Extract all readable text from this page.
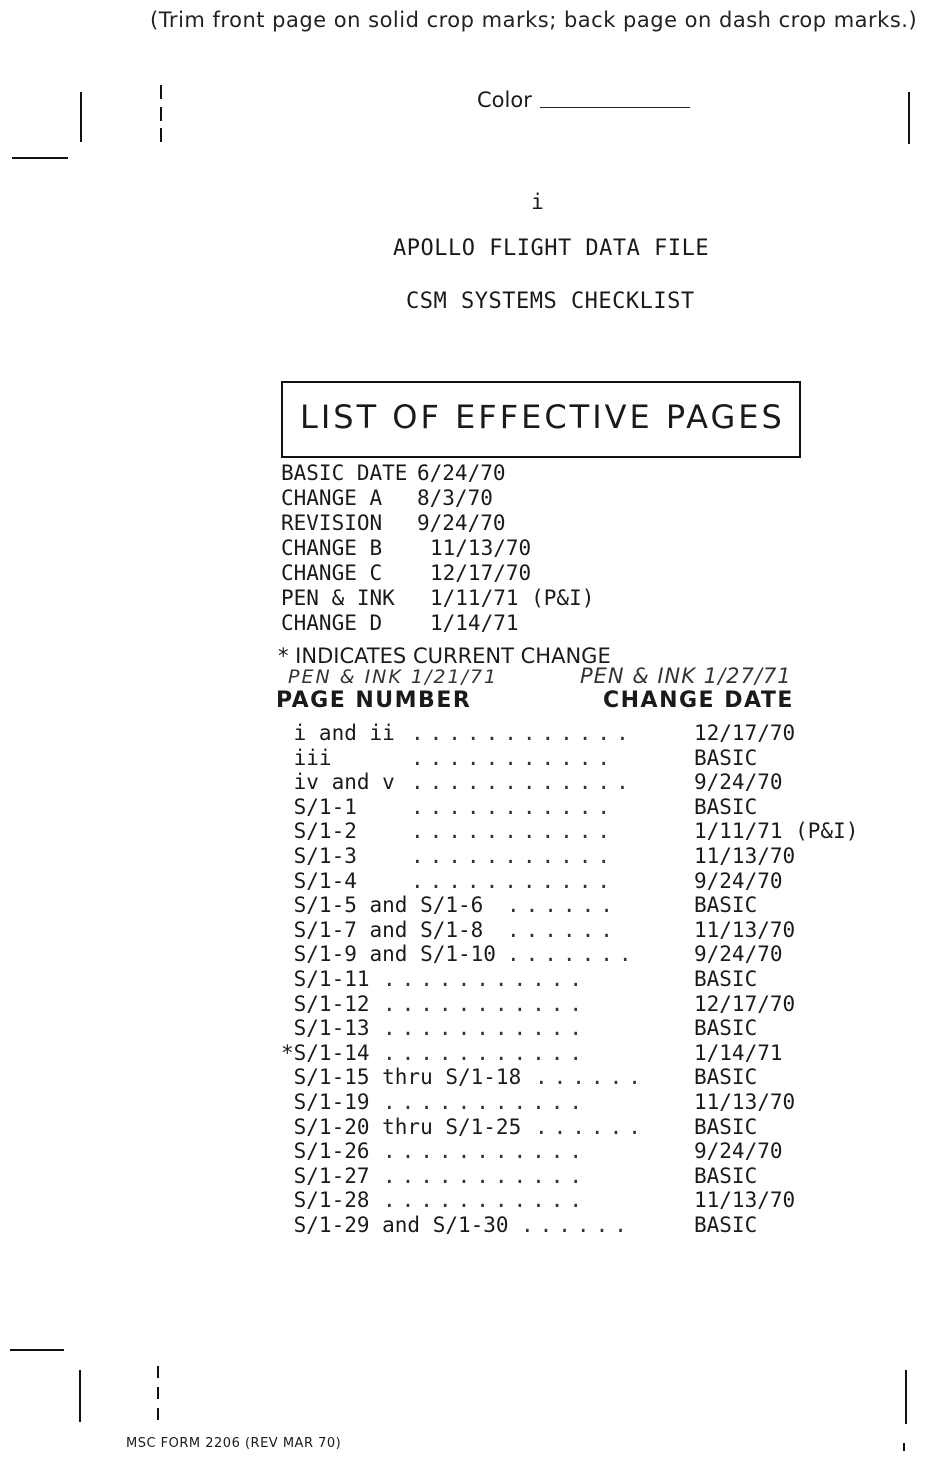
(Trim front page on solid crop marks; back page on dash crop marks.)
Color
i
APOLLO FLIGHT DATA FILE
CSM SYSTEMS CHECKLIST
LIST OF EFFECTIVE PAGES
BASIC DATE 6/24/70
CHANGE A 8/3/70
REVISION 9/24/70
CHANGE B 11/13/70
CHANGE C 12/17/70
PEN & INK 1/11/71 (P&I)
CHANGE D 1/14/71
* INDICATES CURRENT CHANGE
PEN & INK 1/21/71	PEN & INK 1/27/71
PAGE NUMBER	CHANGE DATE
i and ii ............	12/17/70
iii	...........	BASIC
iv and v ............	9/24/70
S/1-1	...........	BASIC
S/1-2	...........	1/11/71 (P&I)
S/1-3	...........	11/13/70
S/1-4	...........	9/24/70
S/1-5 and S/1-6 ......	BASIC
S/1-7 and S/1-8 ......	11/13/70
S/1-9 and S/1-10 .......	9/24/70
S/1-11 ...........	BASIC
S/1-12 ...........	12/17/70
S/1-13 ...........	BASIC
*S/1-14 ...........	1/14/71
S/1-15 thru S/1-18 ...... BASIC
S/1-19 ...........	11/13/70
S/1-20 thru S/1-25 ...... BASIC
S/1-26 ...........	9/24/70
S/1-27 ...........	BASIC
S/1-28 ...........	11/13/70
S/1-29 and S/1-30 ......	BASIC
MSC FORM 2206 (REV MAR 70)
